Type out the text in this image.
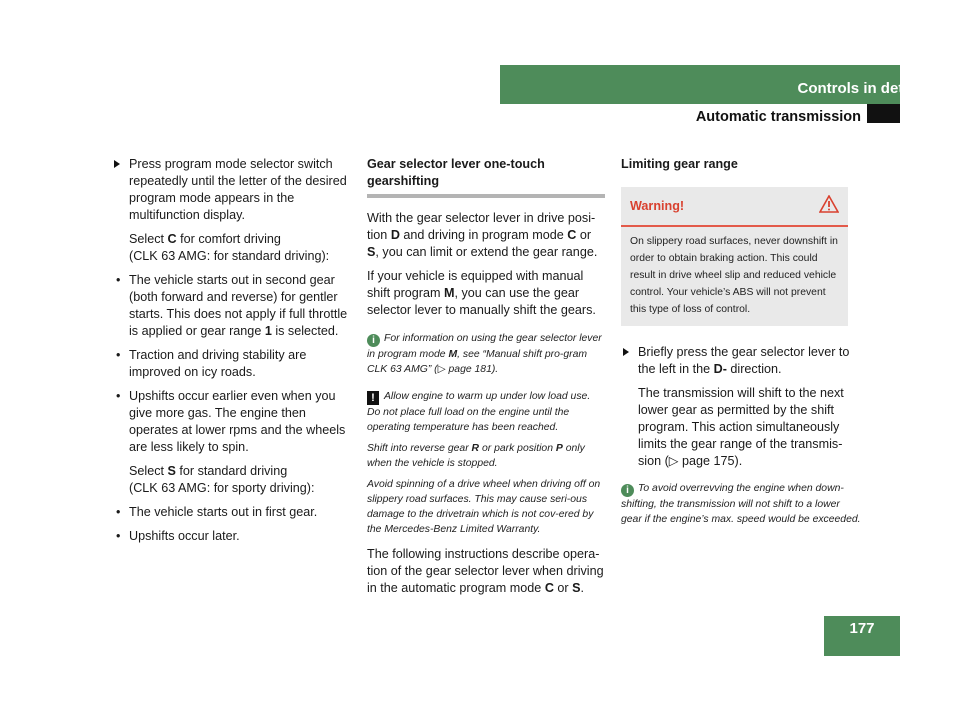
Controls in detail
Automatic transmission

Press program mode selector switch repeatedly until the letter of the desired program mode appears in the multifunction display.

Select C for comfort driving
(CLK 63 AMG: for standard driving):

• The vehicle starts out in second gear (both forward and reverse) for gentler starts. This does not apply if full throttle is applied or gear range 1 is selected.
• Traction and driving stability are improved on icy roads.
• Upshifts occur earlier even when you give more gas. The engine then operates at lower rpms and the wheels are less likely to spin.

Select S for standard driving
(CLK 63 AMG: for sporty driving):

• The vehicle starts out in first gear.
• Upshifts occur later.
Gear selector lever one-touch gearshifting

With the gear selector lever in drive posi-tion D and driving in program mode C or S, you can limit or extend the gear range.

If your vehicle is equipped with manual shift program M, you can use the gear selector lever to manually shift the gears.

i For information on using the gear selector lever in program mode M, see “Manual shift pro-gram CLK 63 AMG” (▷ page 181).

! Allow engine to warm up under low load use. Do not place full load on the engine until the operating temperature has been reached.

Shift into reverse gear R or park position P only when the vehicle is stopped.

Avoid spinning of a drive wheel when driving off on slippery road surfaces. This may cause seri-ous damage to the drivetrain which is not cov-ered by the Mercedes-Benz Limited Warranty.

The following instructions describe opera-tion of the gear selector lever when driving in the automatic program mode C or S.

Limiting gear range
Warning!
On slippery road surfaces, never downshift in order to obtain braking action. This could result in drive wheel slip and reduced vehicle control. Your vehicle’s ABS will not prevent this type of loss of control.

Briefly press the gear selector lever to the left in the D- direction.

The transmission will shift to the next lower gear as permitted by the shift program. This action simultaneously limits the gear range of the transmis-sion (▷ page 175).

i To avoid overrevving the engine when down-shifting, the transmission will not shift to a lower gear if the engine’s max. speed would be exceeded.

177
